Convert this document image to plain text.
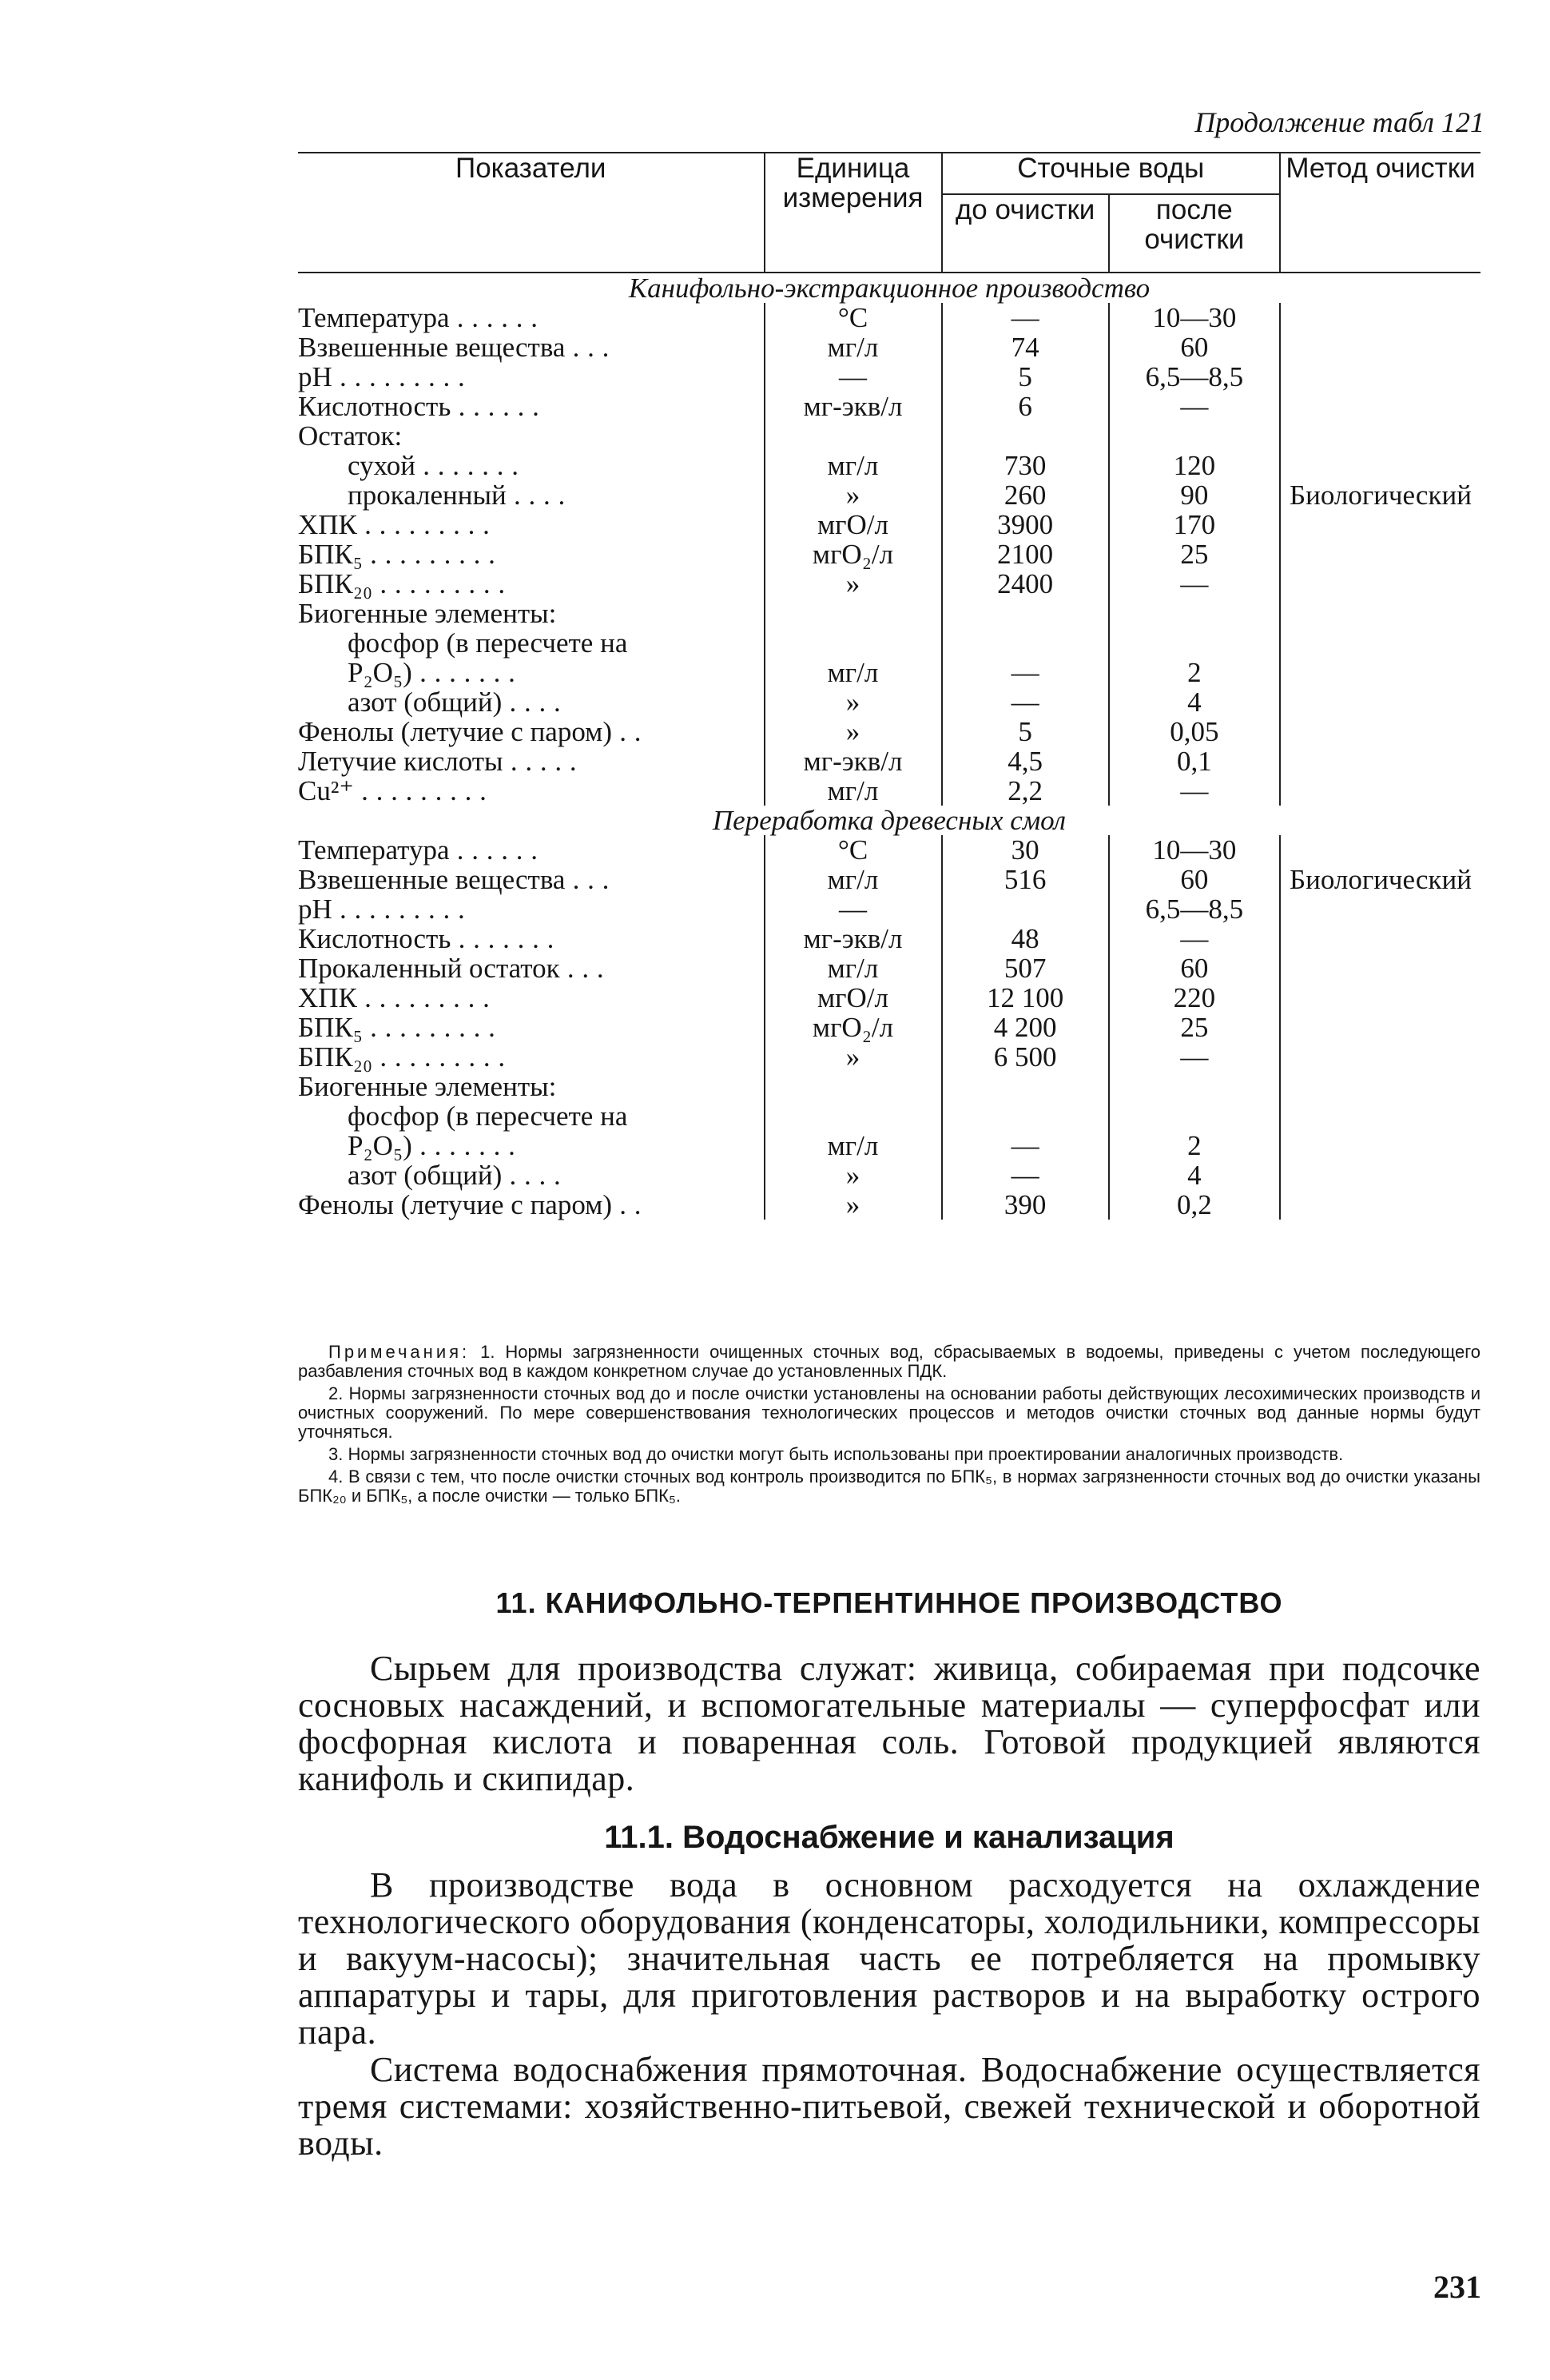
Продолжение табл 121
Показатели	Единица измерения	Сточные воды		Метод очистки
		до очистки	после очистки	
Канифольно-экстракционное производство				
Температура . . . . . .	°С	—	10—30	
Взвешенные вещества . . .	мг/л	74	60	
pH . . . . . . . . .	—	5	6,5—8,5	
Кислотность . . . . . .	мг-экв/л	6	—	
Остаток:				
сухой . . . . . . .	мг/л	730	120	
прокаленный . . . .	»	260	90	Биологический
ХПК . . . . . . . . .	мгО/л	3900	170	
БПК₅ . . . . . . . . .	мгО₂/л	2100	25	
БПК₂₀ . . . . . . . . .	»	2400	—	
Биогенные элементы:				
фосфор (в пересчете на				
P₂O₅) . . . . . . .	мг/л	—	2	
азот (общий) . . . .	»	—	4	
Фенолы (летучие с паром) . .	»	5	0,05	
Летучие кислоты . . . . .	мг-экв/л	4,5	0,1	
Cu²⁺ . . . . . . . . .	мг/л	2,2	—	
Переработка древесных смол				
Температура . . . . . .	°С	30	10—30	
Взвешенные вещества . . .	мг/л	516	60	Биологический
pH . . . . . . . . .	—		6,5—8,5	
Кислотность . . . . . . .	мг-экв/л	48	—	
Прокаленный остаток . . .	мг/л	507	60	
ХПК . . . . . . . . .	мгО/л	12 100	220	
БПК₅ . . . . . . . . .	мгО₂/л	4 200	25	
БПК₂₀ . . . . . . . . .	»	6 500	—	
Биогенные элементы:				
фосфор (в пересчете на				
P₂O₅) . . . . . . .	мг/л	—	2	
азот (общий) . . . .	»	—	4	
Фенолы (летучие с паром) . .	»	390	0,2	

Примечания: 1. Нормы загрязненности очищенных сточных вод, сбрасываемых в водоемы, приведены с учетом последующего разбавления сточных вод в каждом конкретном случае до установленных ПДК.

2. Нормы загрязненности сточных вод до и после очистки установлены на основании работы действующих лесохимических производств и очистных сооружений. По мере совершенствования технологических процессов и методов очистки сточных вод данные нормы будут уточняться.

3. Нормы загрязненности сточных вод до очистки могут быть использованы при проектировании аналогичных производств.

4. В связи с тем, что после очистки сточных вод контроль производится по БПК₅, в нормах загрязненности сточных вод до очистки указаны БПК₂₀ и БПК₅, а после очистки — только БПК₅.

11. КАНИФОЛЬНО-ТЕРПЕНТИННОЕ ПРОИЗВОДСТВО

Сырьем для производства служат: живица, собираемая при подсочке сосновых насаждений, и вспомогательные материалы — суперфосфат или фосфорная кислота и поваренная соль. Готовой продукцией являются канифоль и скипидар.

11.1. Водоснабжение и канализация

В производстве вода в основном расходуется на охлаждение технологического оборудования (конденсаторы, холодильники, компрессоры и вакуум-насосы); значительная часть ее потребляется на промывку аппаратуры и тары, для приготовления растворов и на выработку острого пара.

Система водоснабжения прямоточная. Водоснабжение осуществляется тремя системами: хозяйственно-питьевой, свежей технической и оборотной воды.

231
